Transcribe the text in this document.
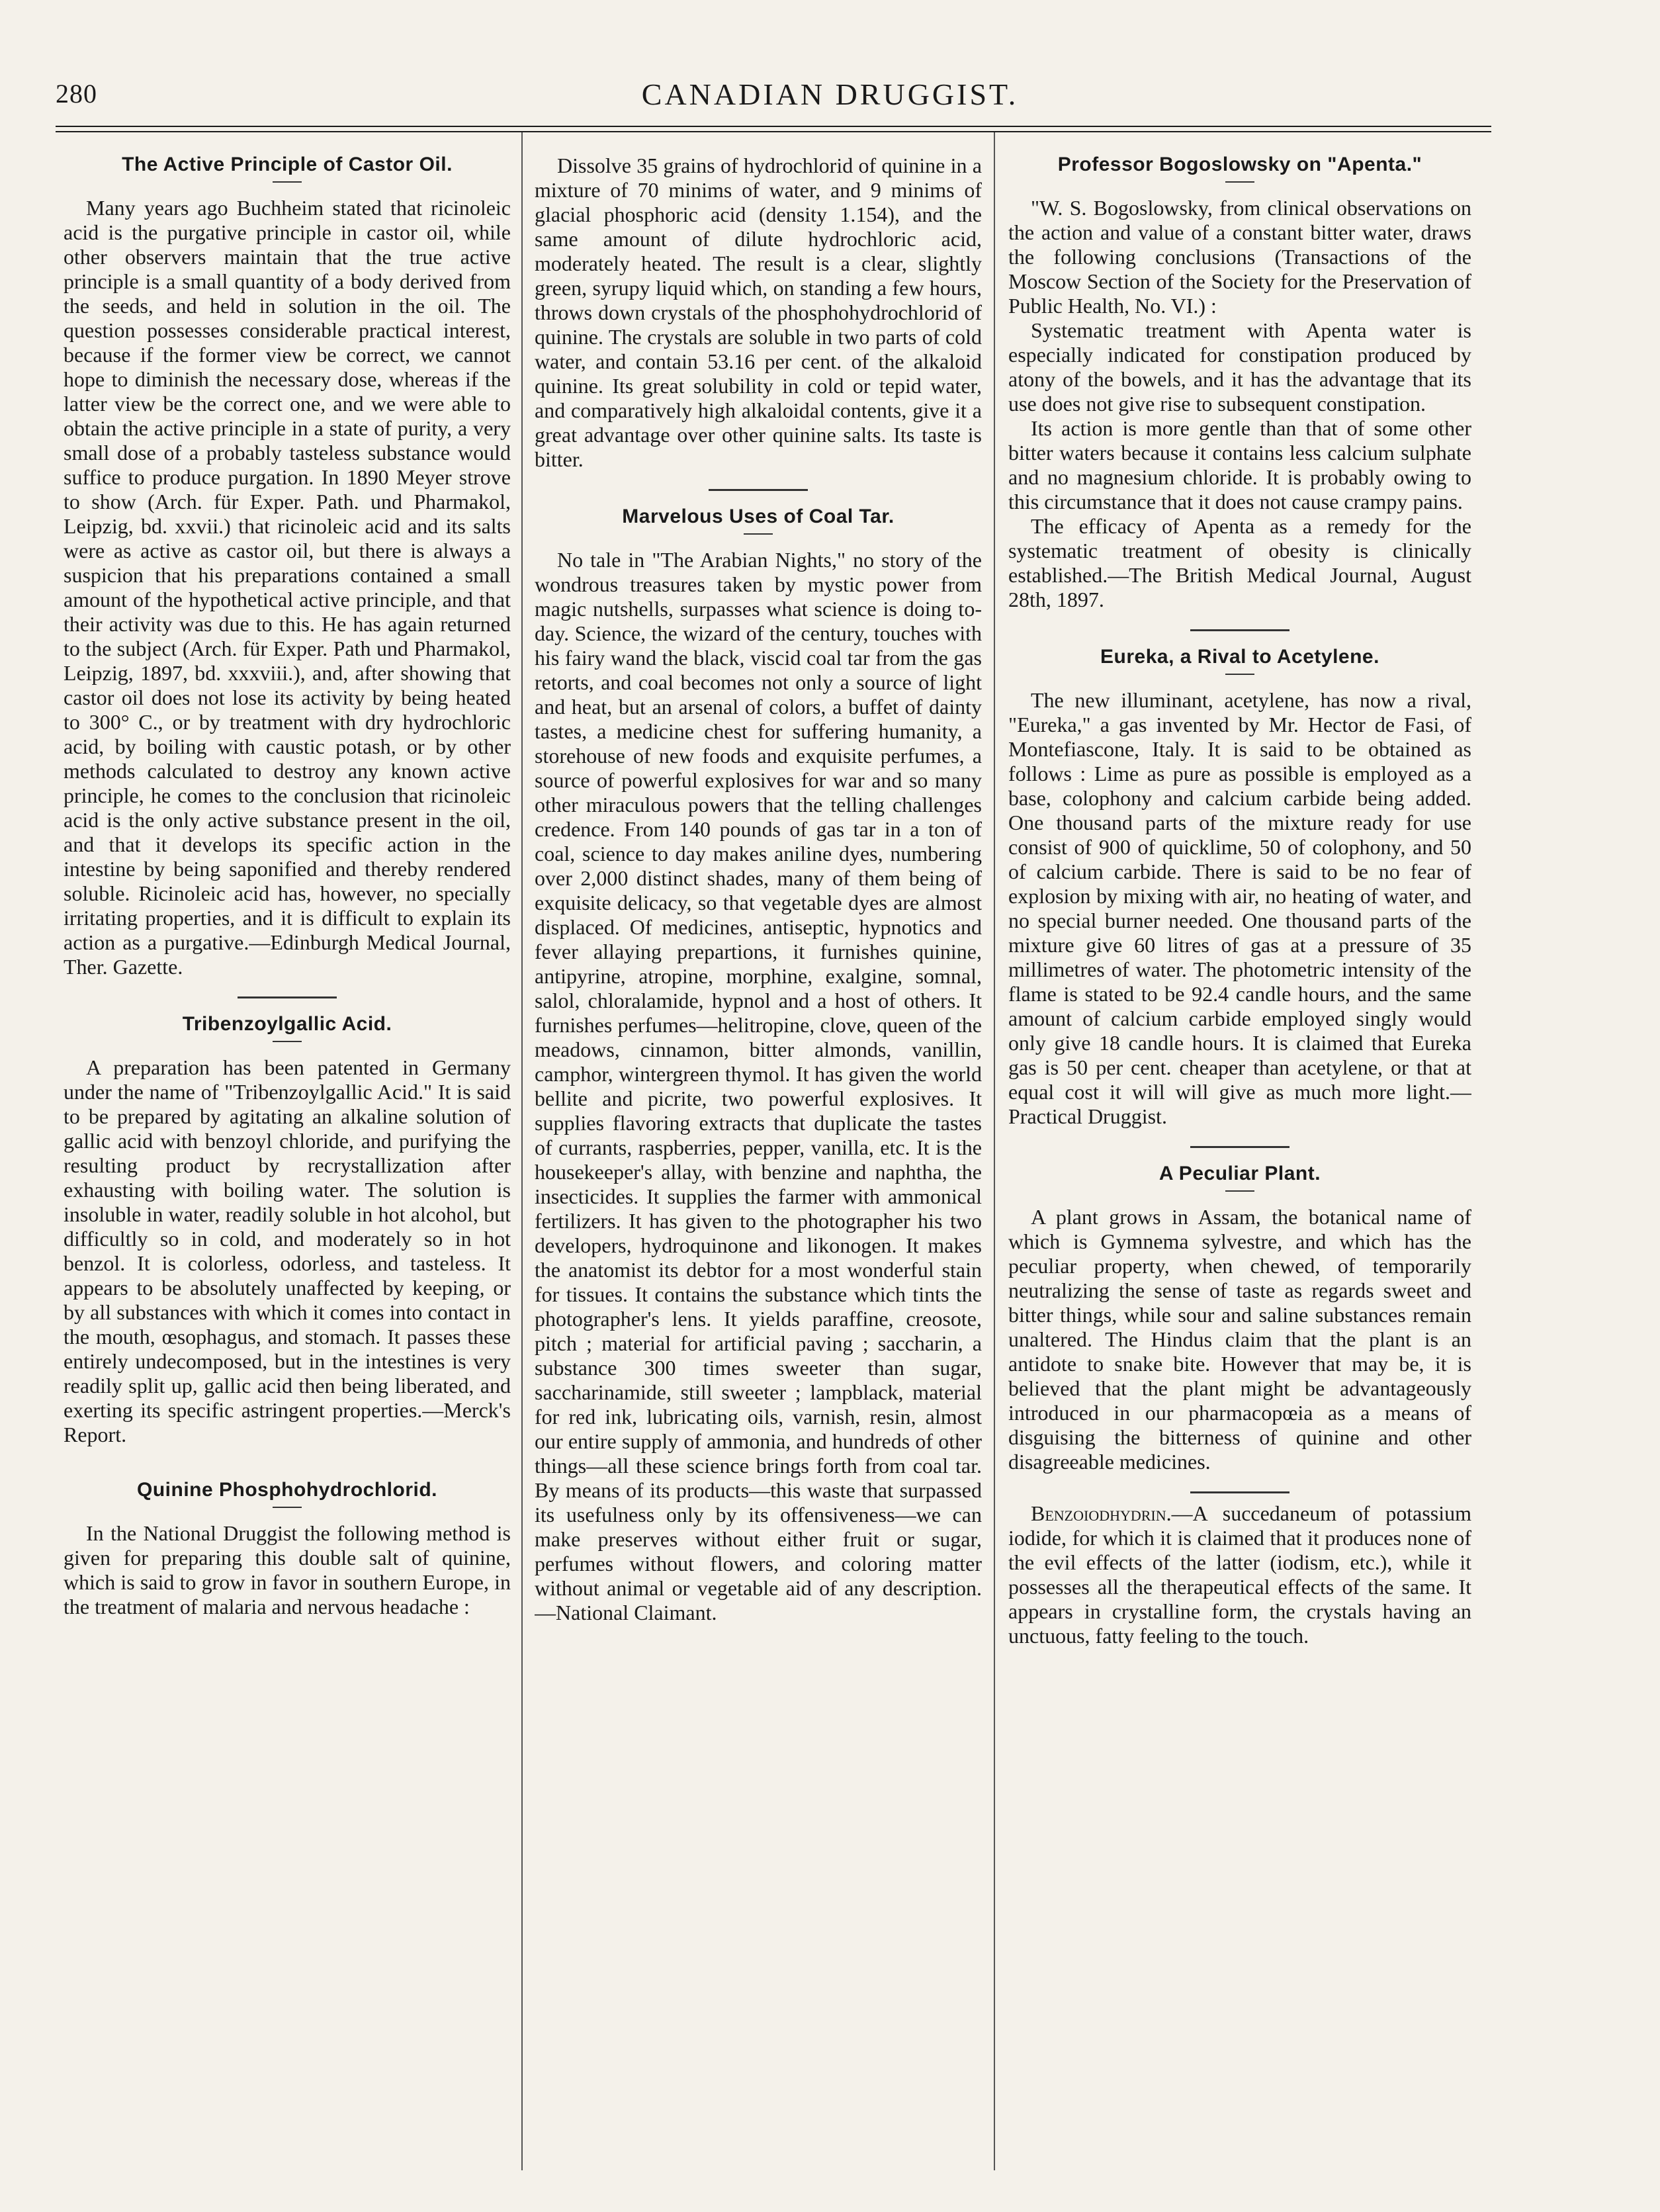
280	CANADIAN DRUGGIST.
The Active Principle of Castor Oil.

Many years ago Buchheim stated that ricinoleic acid is the purgative principle in castor oil, while other observers maintain that the true active principle is a small quantity of a body derived from the seeds, and held in solution in the oil. The question possesses considerable practical interest, because if the former view be correct, we cannot hope to diminish the necessary dose, whereas if the latter view be the correct one, and we were able to obtain the active principle in a state of purity, a very small dose of a probably tasteless substance would suffice to produce purgation. In 1890 Meyer strove to show (Arch. für Exper. Path. und Pharmakol, Leipzig, bd. xxvii.) that ricinoleic acid and its salts were as active as castor oil, but there is always a suspicion that his preparations contained a small amount of the hypothetical active principle, and that their activity was due to this. He has again returned to the subject (Arch. für Exper. Path und Pharmakol, Leipzig, 1897, bd. xxxviii.), and, after showing that castor oil does not lose its activity by being heated to 300° C., or by treatment with dry hydrochloric acid, by boiling with caustic potash, or by other methods calculated to destroy any known active principle, he comes to the conclusion that ricinoleic acid is the only active substance present in the oil, and that it develops its specific action in the intestine by being saponified and thereby rendered soluble. Ricinoleic acid has, however, no specially irritating properties, and it is difficult to explain its action as a purgative.—Edinburgh Medical Journal, Ther. Gazette.

Tribenzoylgallic Acid.

A preparation has been patented in Germany under the name of "Tribenzoylgallic Acid." It is said to be prepared by agitating an alkaline solution of gallic acid with benzoyl chloride, and purifying the resulting product by recrystallization after exhausting with boiling water. The solution is insoluble in water, readily soluble in hot alcohol, but difficultly so in cold, and moderately so in hot benzol. It is colorless, odorless, and tasteless. It appears to be absolutely unaffected by keeping, or by all substances with which it comes into contact in the mouth, œsophagus, and stomach. It passes these entirely undecomposed, but in the intestines is very readily split up, gallic acid then being liberated, and exerting its specific astringent properties.—Merck's Report.

Quinine Phosphohydrochlorid.

In the National Druggist the following method is given for preparing this double salt of quinine, which is said to grow in favor in southern Europe, in the treatment of malaria and nervous headache :

Dissolve 35 grains of hydrochlorid of quinine in a mixture of 70 minims of water, and 9 minims of glacial phosphoric acid (density 1.154), and the same amount of dilute hydrochloric acid, moderately heated. The result is a clear, slightly green, syrupy liquid which, on standing a few hours, throws down crystals of the phosphohydrochlorid of quinine. The crystals are soluble in two parts of cold water, and contain 53.16 per cent. of the alkaloid quinine. Its great solubility in cold or tepid water, and comparatively high alkaloidal contents, give it a great advantage over other quinine salts. Its taste is bitter.

Marvelous Uses of Coal Tar.

No tale in "The Arabian Nights," no story of the wondrous treasures taken by mystic power from magic nutshells, surpasses what science is doing to-day. Science, the wizard of the century, touches with his fairy wand the black, viscid coal tar from the gas retorts, and coal becomes not only a source of light and heat, but an arsenal of colors, a buffet of dainty tastes, a medicine chest for suffering humanity, a storehouse of new foods and exquisite perfumes, a source of powerful explosives for war and so many other miraculous powers that the telling challenges credence. From 140 pounds of gas tar in a ton of coal, science to day makes aniline dyes, numbering over 2,000 distinct shades, many of them being of exquisite delicacy, so that vegetable dyes are almost displaced. Of medicines, antiseptic, hypnotics and fever allaying prepartions, it furnishes quinine, antipyrine, atropine, morphine, exalgine, somnal, salol, chloralamide, hypnol and a host of others. It furnishes perfumes—helitropine, clove, queen of the meadows, cinnamon, bitter almonds, vanillin, camphor, wintergreen thymol. It has given the world bellite and picrite, two powerful explosives. It supplies flavoring extracts that duplicate the tastes of currants, raspberries, pepper, vanilla, etc. It is the housekeeper's allay, with benzine and naphtha, the insecticides. It supplies the farmer with ammonical fertilizers. It has given to the photographer his two developers, hydroquinone and likonogen. It makes the anatomist its debtor for a most wonderful stain for tissues. It contains the substance which tints the photographer's lens. It yields paraffine, creosote, pitch ; material for artificial paving ; saccharin, a substance 300 times sweeter than sugar, saccharinamide, still sweeter ; lampblack, material for red ink, lubricating oils, varnish, resin, almost our entire supply of ammonia, and hundreds of other things—all these science brings forth from coal tar. By means of its products—this waste that surpassed its usefulness only by its offensiveness—we can make preserves without either fruit or sugar, perfumes without flowers, and coloring matter without animal or vegetable aid of any description.—National Claimant.

Professor Bogoslowsky on "Apenta."

"W. S. Bogoslowsky, from clinical observations on the action and value of a constant bitter water, draws the following conclusions (Transactions of the Moscow Section of the Society for the Preservation of Public Health, No. VI.) :

Systematic treatment with Apenta water is especially indicated for constipation produced by atony of the bowels, and it has the advantage that its use does not give rise to subsequent constipation.

Its action is more gentle than that of some other bitter waters because it contains less calcium sulphate and no magnesium chloride. It is probably owing to this circumstance that it does not cause crampy pains.

The efficacy of Apenta as a remedy for the systematic treatment of obesity is clinically established.—The British Medical Journal, August 28th, 1897.

Eureka, a Rival to Acetylene.

The new illuminant, acetylene, has now a rival, "Eureka," a gas invented by Mr. Hector de Fasi, of Montefiascone, Italy. It is said to be obtained as follows : Lime as pure as possible is employed as a base, colophony and calcium carbide being added. One thousand parts of the mixture ready for use consist of 900 of quicklime, 50 of colophony, and 50 of calcium carbide. There is said to be no fear of explosion by mixing with air, no heating of water, and no special burner needed. One thousand parts of the mixture give 60 litres of gas at a pressure of 35 millimetres of water. The photometric intensity of the flame is stated to be 92.4 candle hours, and the same amount of calcium carbide employed singly would only give 18 candle hours. It is claimed that Eureka gas is 50 per cent. cheaper than acetylene, or that at equal cost it will will give as much more light.—Practical Druggist.

A Peculiar Plant.

A plant grows in Assam, the botanical name of which is Gymnema sylvestre, and which has the peculiar property, when chewed, of temporarily neutralizing the sense of taste as regards sweet and bitter things, while sour and saline substances remain unaltered. The Hindus claim that the plant is an antidote to snake bite. However that may be, it is believed that the plant might be advantageously introduced in our pharmacopœia as a means of disguising the bitterness of quinine and other disagreeable medicines.

Benzoiodhydrin.—A succedaneum of potassium iodide, for which it is claimed that it produces none of the evil effects of the latter (iodism, etc.), while it possesses all the therapeutical effects of the same. It appears in crystalline form, the crystals having an unctuous, fatty feeling to the touch.
